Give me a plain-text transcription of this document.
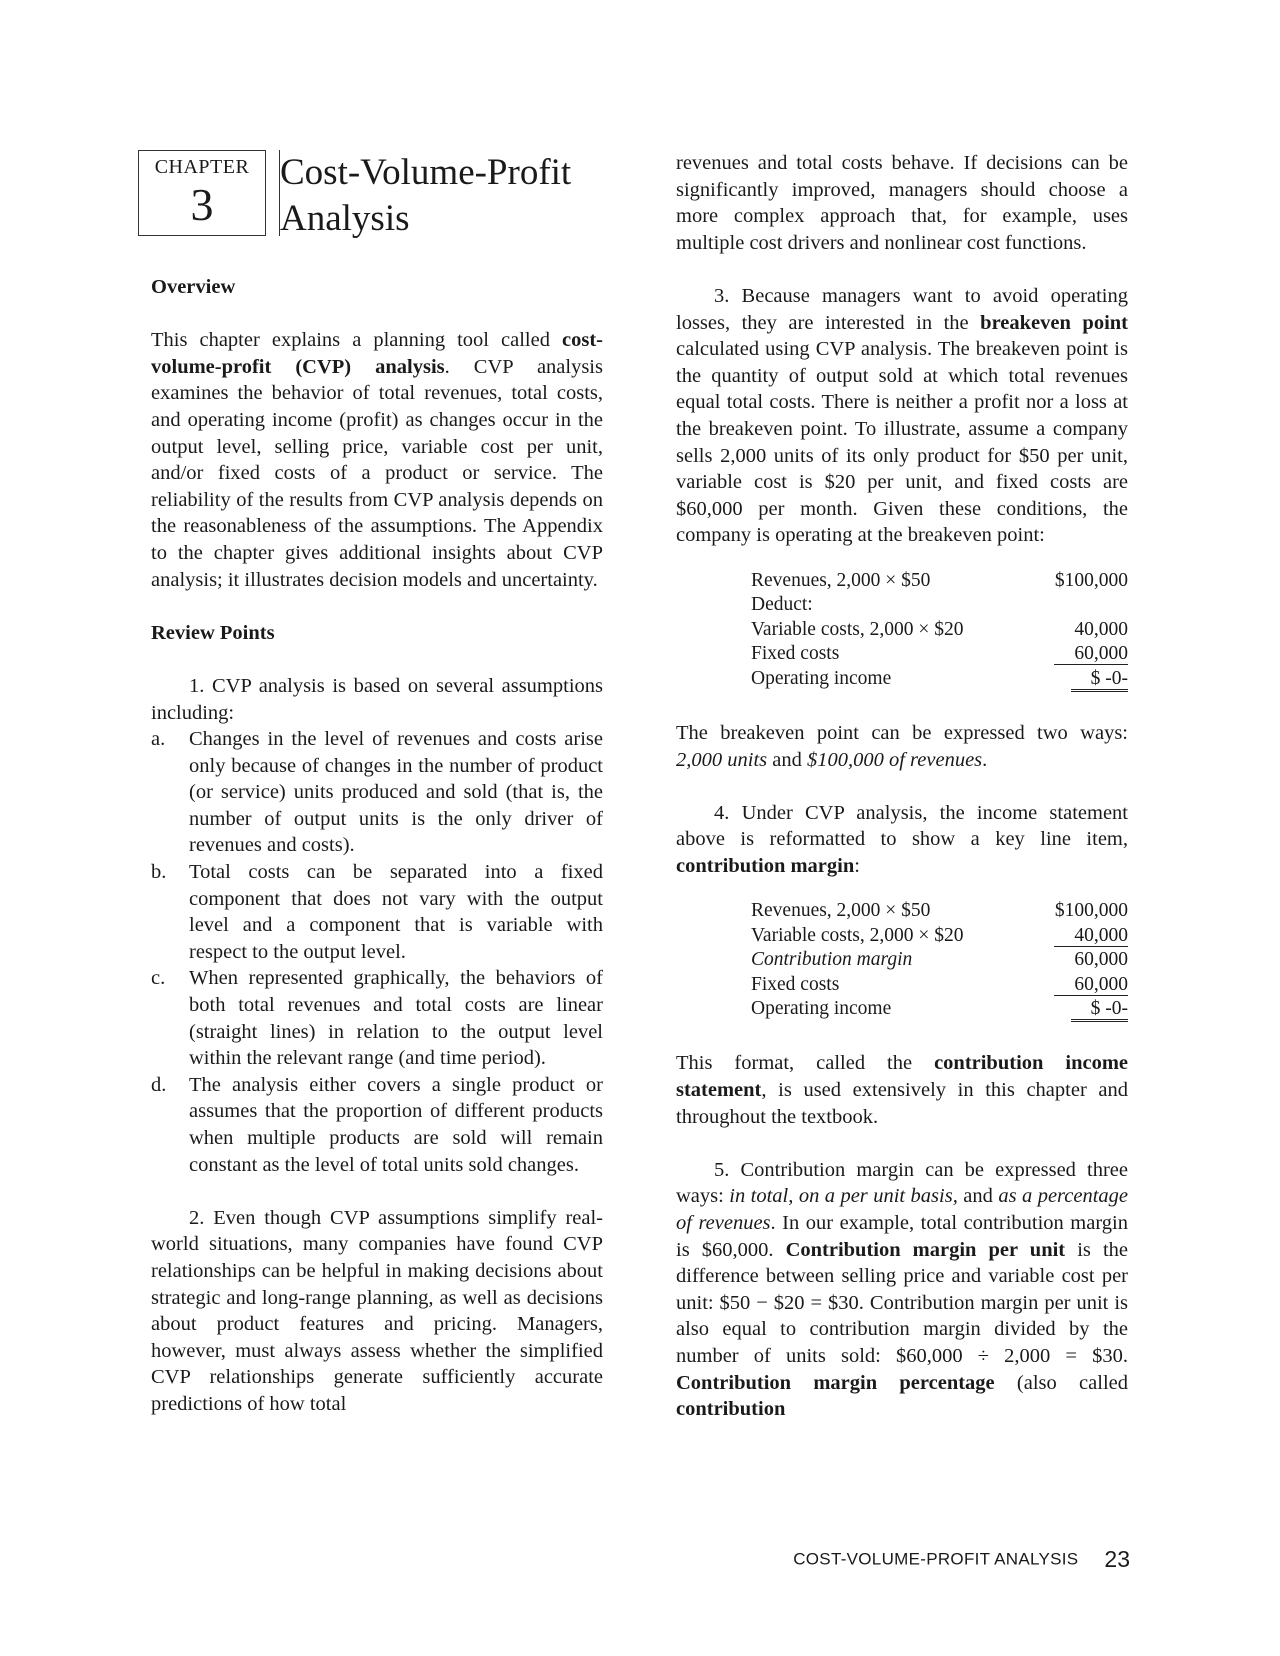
CHAPTER
3
Cost-Volume-Profit
Analysis
Overview

This chapter explains a planning tool called cost-volume-profit (CVP) analysis. CVP analysis examines the behavior of total revenues, total costs, and operating income (profit) as changes occur in the output level, selling price, variable cost per unit, and/or fixed costs of a product or service. The reliability of the results from CVP analysis depends on the reasonableness of the assumptions. The Appendix to the chapter gives additional insights about CVP analysis; it illustrates decision models and uncertainty.

Review Points

1. CVP analysis is based on several assumptions including:

a. Changes in the level of revenues and costs arise only because of changes in the number of product (or service) units produced and sold (that is, the number of output units is the only driver of revenues and costs).
b. Total costs can be separated into a fixed component that does not vary with the output level and a component that is variable with respect to the output level.
c. When represented graphically, the behaviors of both total revenues and total costs are linear (straight lines) in relation to the output level within the relevant range (and time period).
d. The analysis either covers a single product or assumes that the proportion of different products when multiple products are sold will remain constant as the level of total units sold changes.

2. Even though CVP assumptions simplify real-world situations, many companies have found CVP relationships can be helpful in making decisions about strategic and long-range planning, as well as decisions about product features and pricing. Managers, however, must always assess whether the simplified CVP relationships generate sufficiently accurate predictions of how total

revenues and total costs behave. If decisions can be significantly improved, managers should choose a more complex approach that, for example, uses multiple cost drivers and nonlinear cost functions.

3. Because managers want to avoid operating losses, they are interested in the breakeven point calculated using CVP analysis. The breakeven point is the quantity of output sold at which total revenues equal total costs. There is neither a profit nor a loss at the breakeven point. To illustrate, assume a company sells 2,000 units of its only product for $50 per unit, variable cost is $20 per unit, and fixed costs are $60,000 per month. Given these conditions, the company is operating at the breakeven point:

Revenues, 2,000 × $50	$100,000
Deduct:	
Variable costs, 2,000 × $20	40,000
Fixed costs	60,000
Operating income	$ -0-

The breakeven point can be expressed two ways: 2,000 units and $100,000 of revenues.

4. Under CVP analysis, the income statement above is reformatted to show a key line item, contribution margin:

Revenues, 2,000 × $50	$100,000
Variable costs, 2,000 × $20	40,000
Contribution margin	60,000
Fixed costs	60,000
Operating income	$ -0-

This format, called the contribution income statement, is used extensively in this chapter and throughout the textbook.

5. Contribution margin can be expressed three ways: in total, on a per unit basis, and as a percentage of revenues. In our example, total contribution margin is $60,000. Contribution margin per unit is the difference between selling price and variable cost per unit: $50 − $20 = $30. Contribution margin per unit is also equal to contribution margin divided by the number of units sold: $60,000 ÷ 2,000 = $30. Contribution margin percentage (also called contribution

COST-VOLUME-PROFIT ANALYSIS 23
